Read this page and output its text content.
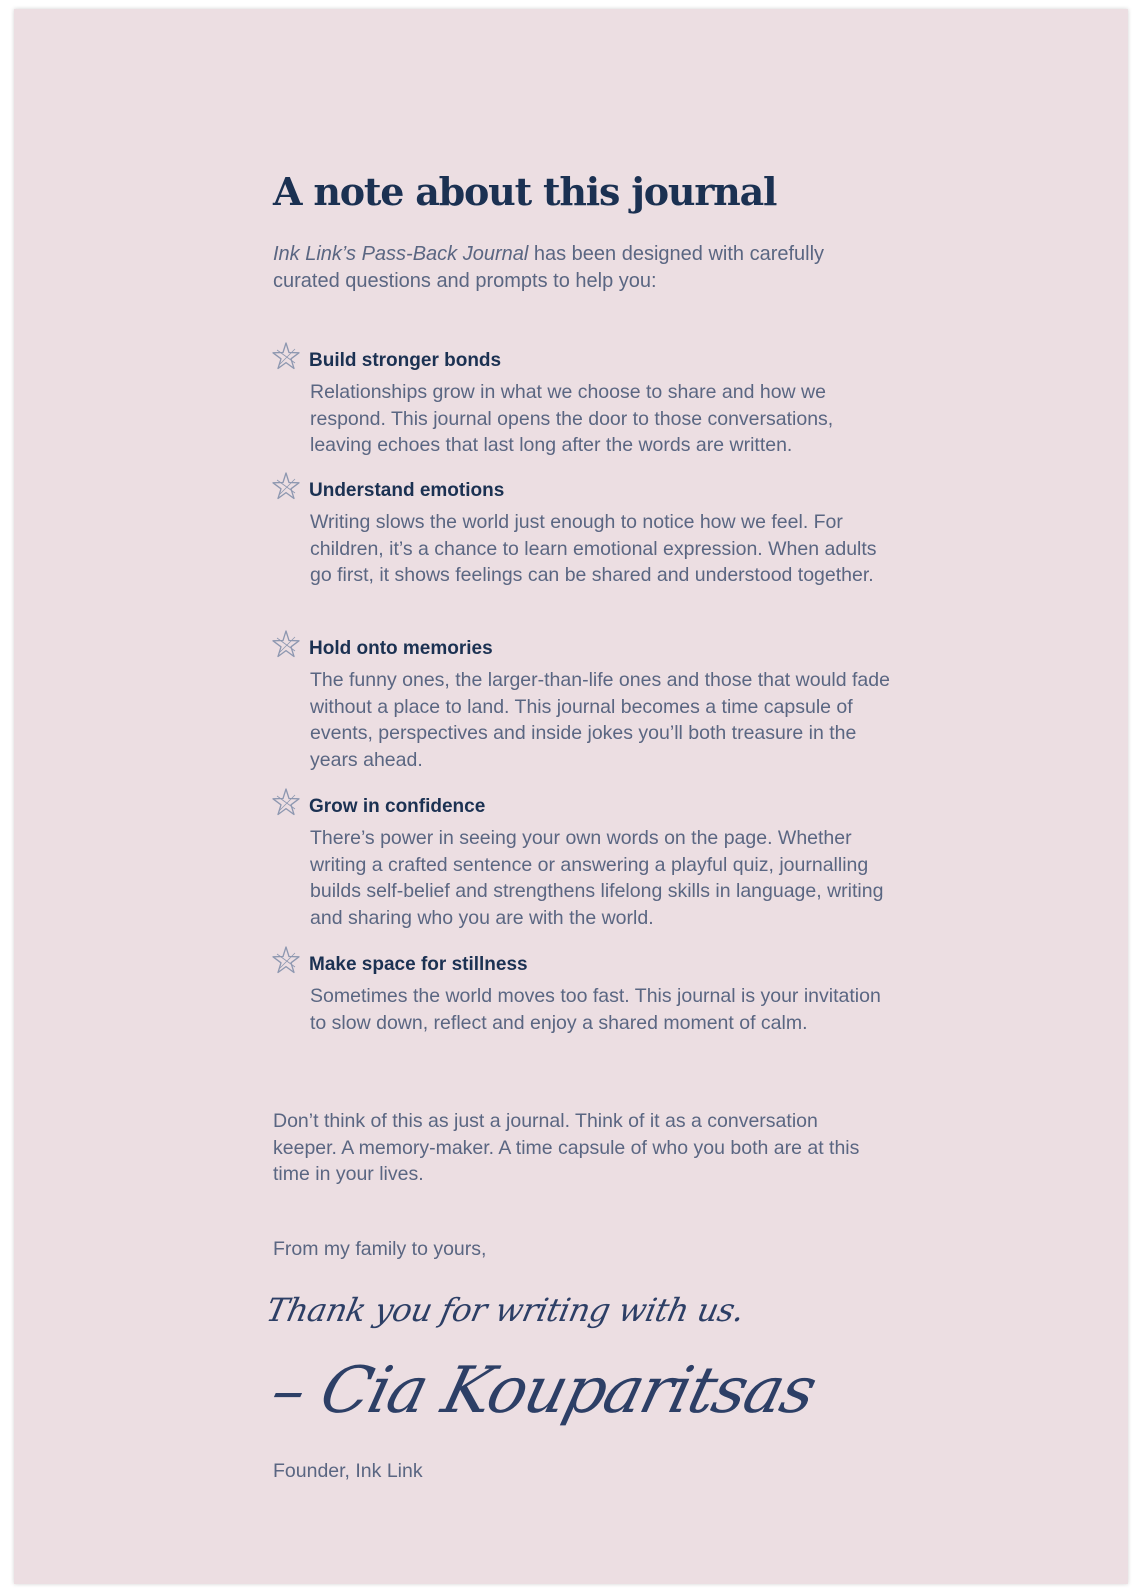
A note about this journal

Ink Link’s Pass-Back Journal has been designed with carefully curated questions and prompts to help you:

Build stronger bonds

Relationships grow in what we choose to share and how we respond. This journal opens the door to those conversations, leaving echoes that last long after the words are written.

Understand emotions

Writing slows the world just enough to notice how we feel. For children, it’s a chance to learn emotional expression. When adults go first, it shows feelings can be shared and understood together.

Hold onto memories

The funny ones, the larger-than-life ones and those that would fade without a place to land. This journal becomes a time capsule of events, perspectives and inside jokes you’ll both treasure in the years ahead.

Grow in confidence

There’s power in seeing your own words on the page. Whether writing a crafted sentence or answering a playful quiz, journalling builds self-belief and strengthens lifelong skills in language, writing and sharing who you are with the world.

Make space for stillness

Sometimes the world moves too fast. This journal is your invitation to slow down, reflect and enjoy a shared moment of calm.

Don’t think of this as just a journal. Think of it as a conversation keeper. A memory-maker. A time capsule of who you both are at this time in your lives.

From my family to yours,

Thank you for writing with us.

– Cia Kouparitsas

Founder, Ink Link
